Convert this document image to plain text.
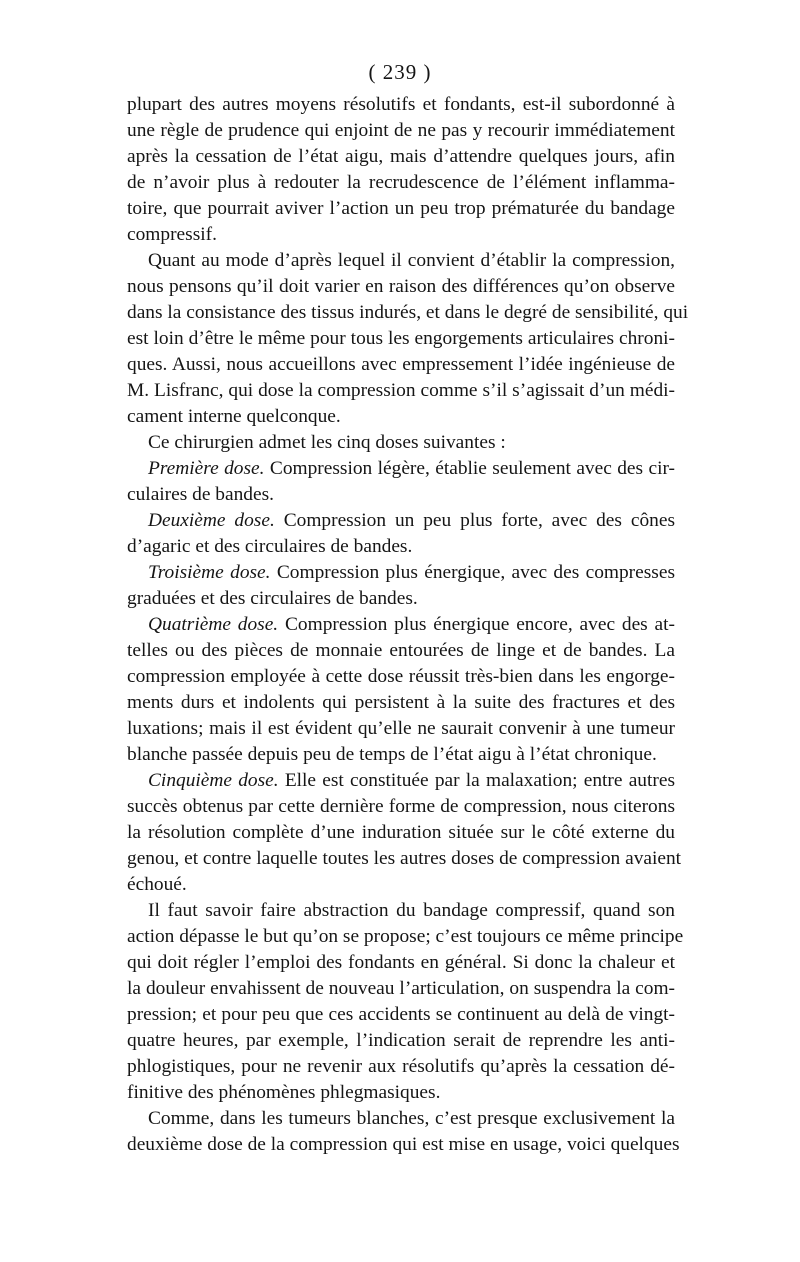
( 239 )
plupart des autres moyens résolutifs et fondants, est-il subordonné à
une règle de prudence qui enjoint de ne pas y recourir immédiatement
après la cessation de l’état aigu, mais d’attendre quelques jours, afin
de n’avoir plus à redouter la recrudescence de l’élément inflamma-
toire, que pourrait aviver l’action un peu trop prématurée du bandage
compressif.
Quant au mode d’après lequel il convient d’établir la compression,
nous pensons qu’il doit varier en raison des différences qu’on observe
dans la consistance des tissus indurés, et dans le degré de sensibilité, qui
est loin d’être le même pour tous les engorgements articulaires chroni-
ques. Aussi, nous accueillons avec empressement l’idée ingénieuse de
M. Lisfranc, qui dose la compression comme s’il s’agissait d’un médi-
cament interne quelconque.
Ce chirurgien admet les cinq doses suivantes :
Première dose. Compression légère, établie seulement avec des cir-
culaires de bandes.
Deuxième dose. Compression un peu plus forte, avec des cônes
d’agaric et des circulaires de bandes.
Troisième dose. Compression plus énergique, avec des compresses
graduées et des circulaires de bandes.
Quatrième dose. Compression plus énergique encore, avec des at-
telles ou des pièces de monnaie entourées de linge et de bandes. La
compression employée à cette dose réussit très-bien dans les engorge-
ments durs et indolents qui persistent à la suite des fractures et des
luxations; mais il est évident qu’elle ne saurait convenir à une tumeur
blanche passée depuis peu de temps de l’état aigu à l’état chronique.
Cinquième dose. Elle est constituée par la malaxation; entre autres
succès obtenus par cette dernière forme de compression, nous citerons
la résolution complète d’une induration située sur le côté externe du
genou, et contre laquelle toutes les autres doses de compression avaient
échoué.
Il faut savoir faire abstraction du bandage compressif, quand son
action dépasse le but qu’on se propose; c’est toujours ce même principe
qui doit régler l’emploi des fondants en général. Si donc la chaleur et
la douleur envahissent de nouveau l’articulation, on suspendra la com-
pression; et pour peu que ces accidents se continuent au delà de vingt-
quatre heures, par exemple, l’indication serait de reprendre les anti-
phlogistiques, pour ne revenir aux résolutifs qu’après la cessation dé-
finitive des phénomènes phlegmasiques.
Comme, dans les tumeurs blanches, c’est presque exclusivement la
deuxième dose de la compression qui est mise en usage, voici quelques
